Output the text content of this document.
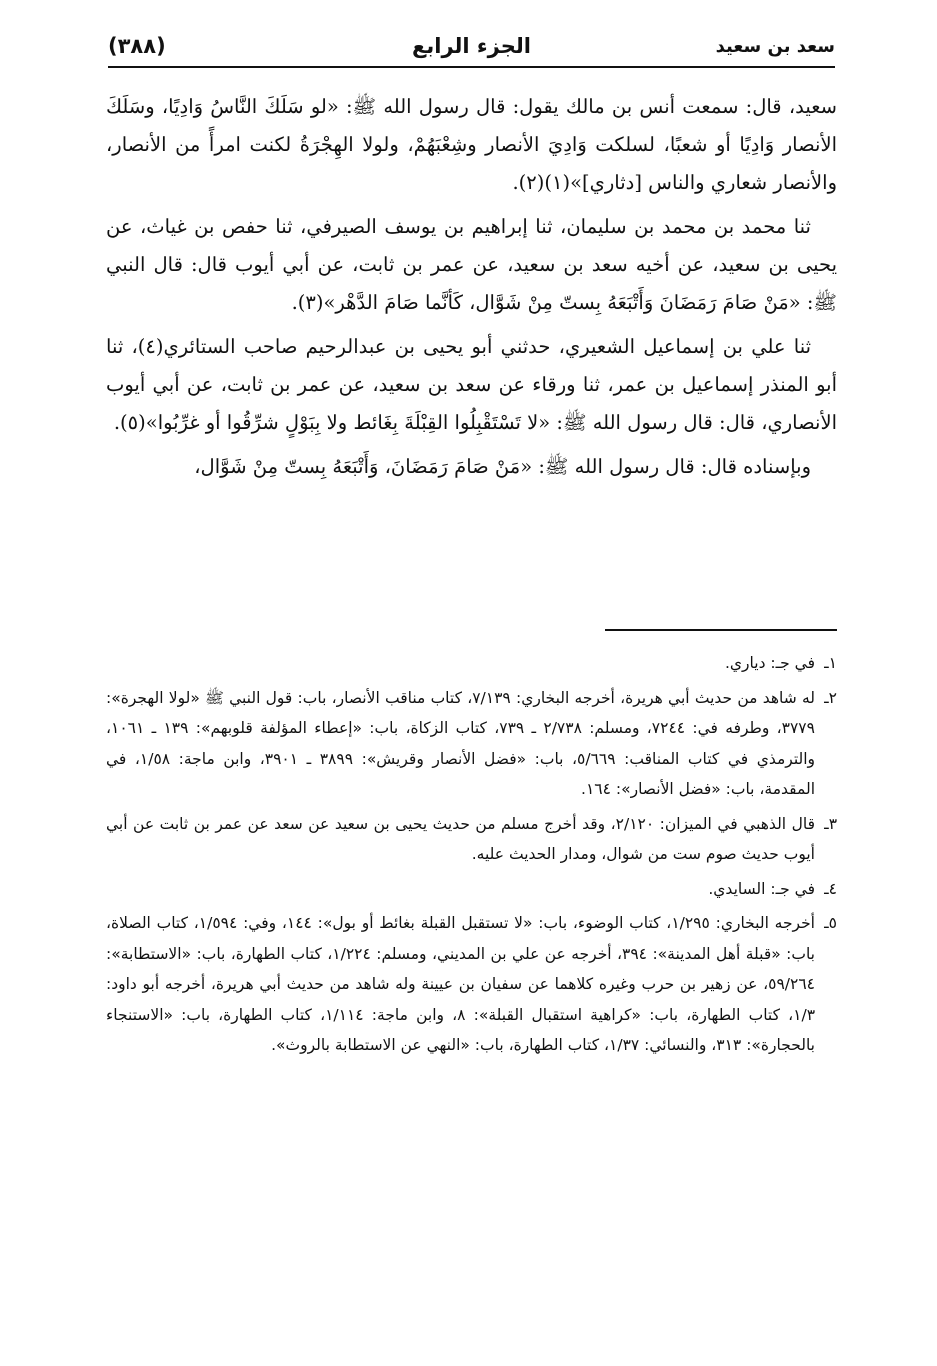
(٣٨٨)	الجزء الرابع	سعد بن سعيد

سعيد، قال: سمعت أنس بن مالك يقول: قال رسول الله ﷺ: «لو سَلَكَ النَّاسُ وَادِيًا، وسَلَكَ الأنصار وَادِيًا أو شعبًا، لسلكت وَادِيَ الأنصار وشِعْبَهُمْ، ولولا الهِجْرَةُ لكنت امرأً من الأنصار، والأنصار شعاري والناس [دثاري]»(١)(٢).

ثنا محمد بن محمد بن سليمان، ثنا إبراهيم بن يوسف الصيرفي، ثنا حفص بن غياث، عن يحيى بن سعيد، عن أخيه سعد بن سعيد، عن عمر بن ثابت، عن أبي أيوب قال: قال النبي ﷺ: «مَنْ صَامَ رَمَضَانَ وَأَتْبَعَهُ بِستّ مِنْ شَوَّال، كَأنَّما صَامَ الدَّهْر»(٣).

ثنا علي بن إسماعيل الشعيري، حدثني أبو يحيى بن عبدالرحيم صاحب الستائري(٤)، ثنا أبو المنذر إسماعيل بن عمر، ثنا ورقاء عن سعد بن سعيد، عن عمر بن ثابت، عن أبي أيوب الأنصاري، قال: قال رسول الله ﷺ: «لا تَسْتَقْبِلُوا القِبْلَةَ بِغَائط ولا بِبَوْلٍ شرِّقُوا أو غرِّبُوا»(٥).

وبإسناده قال: قال رسول الله ﷺ: «مَنْ صَامَ رَمَضَانَ، وَأَتْبَعَهُ بِستّ مِنْ شَوَّال،

١ـفي جـ: دياري.

٢ـله شاهد من حديث أبي هريرة، أخرجه البخاري: ٧/١٣٩، كتاب مناقب الأنصار، باب: قول النبي ﷺ «لولا الهجرة»: ٣٧٧٩، وطرفه في: ٧٢٤٤، ومسلم: ٢/٧٣٨ ـ ٧٣٩، كتاب الزكاة، باب: «إعطاء المؤلفة قلوبهم»: ١٣٩ ـ ١٠٦١، والترمذي في كتاب المناقب: ٥/٦٦٩، باب: «فضل الأنصار وقريش»: ٣٨٩٩ ـ ٣٩٠١، وابن ماجة: ١/٥٨، في المقدمة، باب: «فضل الأنصار»: ١٦٤.

٣ـقال الذهبي في الميزان: ٢/١٢٠، وقد أخرج مسلم من حديث يحيى بن سعيد عن سعد عن عمر بن ثابت عن أبي أيوب حديث صوم ست من شوال، ومدار الحديث عليه.

٤ـفي جـ: السايدي.

٥ـأخرجه البخاري: ١/٢٩٥، كتاب الوضوء، باب: «لا تستقبل القبلة بغائط أو بول»: ١٤٤، وفي: ١/٥٩٤، كتاب الصلاة، باب: «قبلة أهل المدينة»: ٣٩٤، أخرجه عن علي بن المديني، ومسلم: ١/٢٢٤، كتاب الطهارة، باب: «الاستطابة»: ٥٩/٢٦٤، عن زهير بن حرب وغيره كلاهما عن سفيان بن عيينة وله شاهد من حديث أبي هريرة، أخرجه أبو داود: ١/٣، كتاب الطهارة، باب: «كراهية استقبال القبلة»: ٨، وابن ماجة: ١/١١٤، كتاب الطهارة، باب: «الاستنجاء بالحجارة»: ٣١٣، والنسائي: ١/٣٧، كتاب الطهارة، باب: «النهي عن الاستطابة بالروث».
